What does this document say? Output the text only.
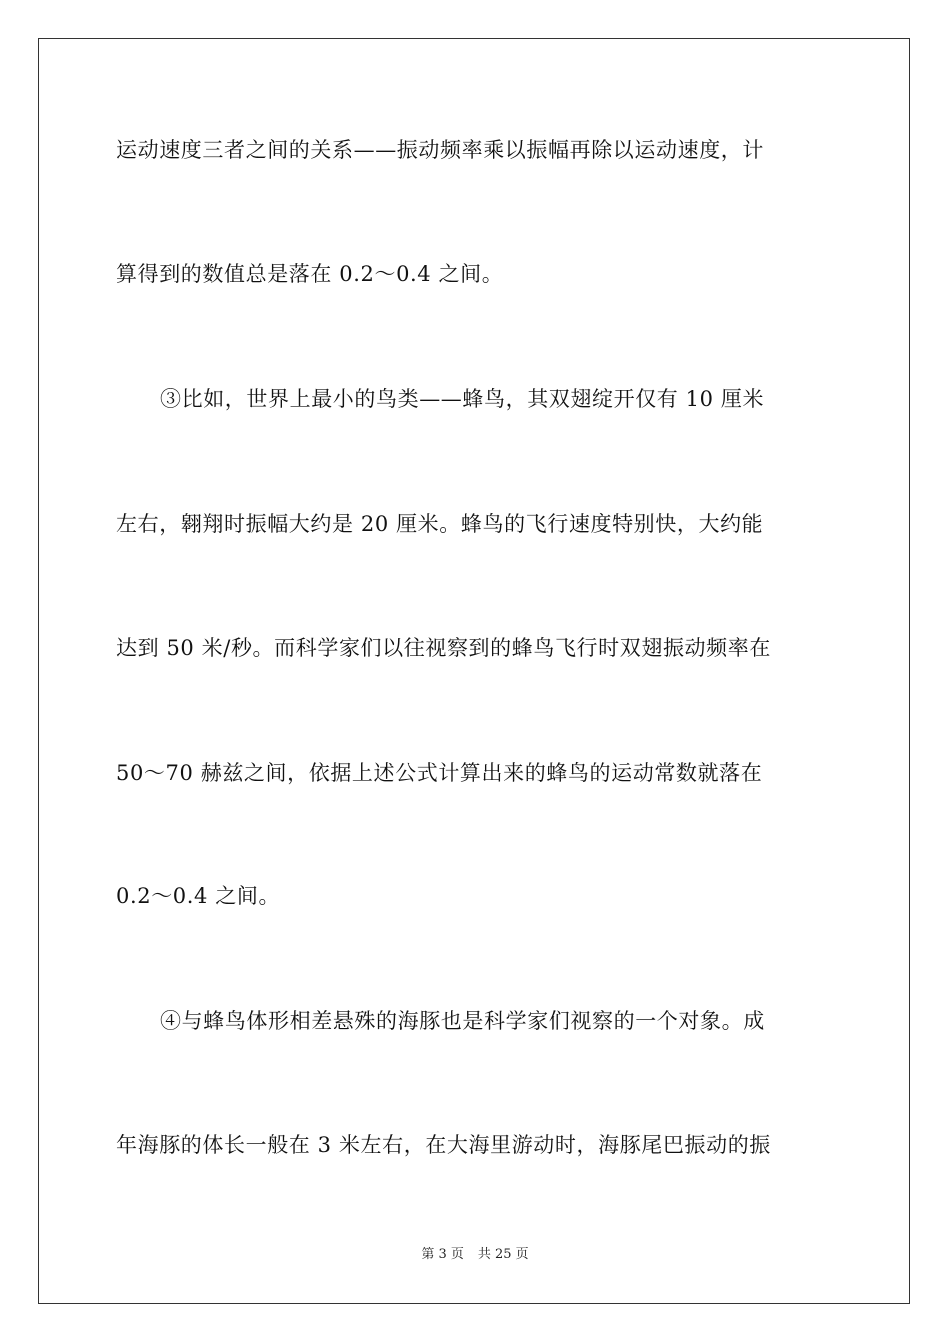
运动速度三者之间的关系——振动频率乘以振幅再除以运动速度，计
算得到的数值总是落在 0.2～0.4 之间。
③比如，世界上最小的鸟类——蜂鸟，其双翅绽开仅有 10 厘米
左右，翱翔时振幅大约是 20 厘米。蜂鸟的飞行速度特别快，大约能
达到 50 米/秒。而科学家们以往视察到的蜂鸟飞行时双翅振动频率在
50～70 赫兹之间，依据上述公式计算出来的蜂鸟的运动常数就落在
0.2～0.4 之间。
④与蜂鸟体形相差悬殊的海豚也是科学家们视察的一个对象。成
年海豚的体长一般在 3 米左右，在大海里游动时，海豚尾巴振动的振
第 3 页 共 25 页
